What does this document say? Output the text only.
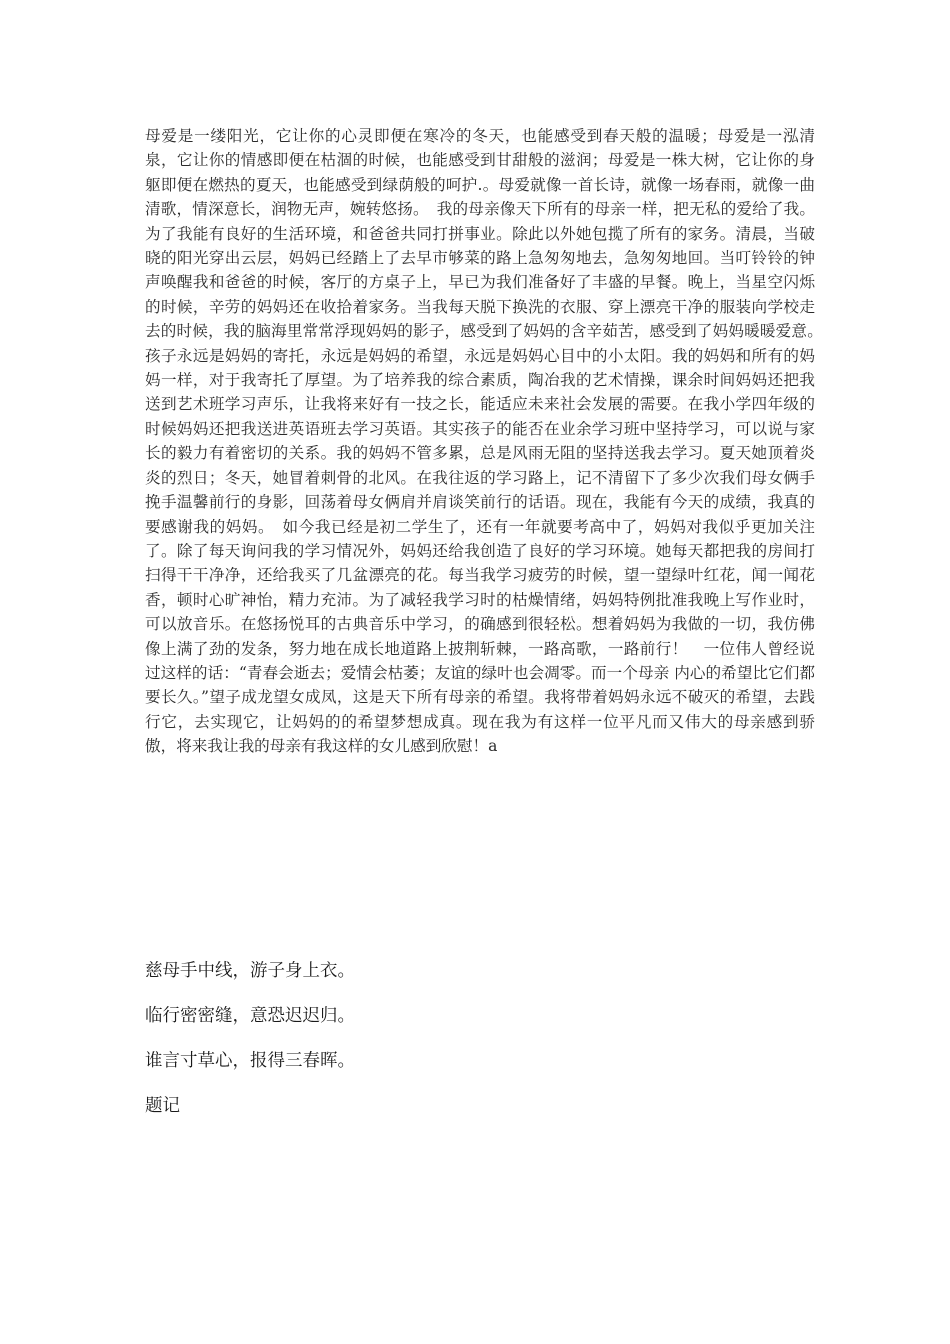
母爱是一缕阳光，它让你的心灵即便在寒冷的冬天，也能感受到春天般的温暖；母爱是一泓清泉，它让你的情感即便在枯涸的时候，也能感受到甘甜般的滋润；母爱是一株大树，它让你的身躯即便在燃热的夏天，也能感受到绿荫般的呵护.。母爱就像一首长诗，就像一场春雨，就像一曲清歌，情深意长，润物无声，婉转悠扬。　我的母亲像天下所有的母亲一样，把无私的爱给了我。为了我能有良好的生活环境，和爸爸共同打拼事业。除此以外她包揽了所有的家务。清晨，当破晓的阳光穿出云层，妈妈已经踏上了去早市够菜的路上急匆匆地去，急匆匆地回。当叮铃铃的钟声唤醒我和爸爸的时候，客厅的方桌子上，早已为我们准备好了丰盛的早餐。晚上，当星空闪烁的时候，辛劳的妈妈还在收拾着家务。当我每天脱下换洗的衣服、穿上漂亮干净的服装向学校走去的时候，我的脑海里常常浮现妈妈的影子，感受到了妈妈的含辛茹苦，感受到了妈妈暖暖爱意。　孩子永远是妈妈的寄托，永远是妈妈的希望，永远是妈妈心目中的小太阳。我的妈妈和所有的妈妈一样，对于我寄托了厚望。为了培养我的综合素质，陶冶我的艺术情操，课余时间妈妈还把我送到艺术班学习声乐，让我将来好有一技之长，能适应未来社会发展的需要。在我小学四年级的时候妈妈还把我送进英语班去学习英语。其实孩子的能否在业余学习班中坚持学习，可以说与家长的毅力有着密切的关系。我的妈妈不管多累，总是风雨无阻的坚持送我去学习。夏天她顶着炎炎的烈日；冬天，她冒着刺骨的北风。在我往返的学习路上，记不清留下了多少次我们母女俩手挽手温馨前行的身影，回荡着母女俩肩并肩谈笑前行的话语。现在，我能有今天的成绩，我真的要感谢我的妈妈。　如今我已经是初二学生了，还有一年就要考高中了，妈妈对我似乎更加关注了。除了每天询问我的学习情况外，妈妈还给我创造了良好的学习环境。她每天都把我的房间打扫得干干净净，还给我买了几盆漂亮的花。每当我学习疲劳的时候，望一望绿叶红花，闻一闻花香，顿时心旷神怡，精力充沛。为了减轻我学习时的枯燥情绪，妈妈特例批准我晚上写作业时，可以放音乐。在悠扬悦耳的古典音乐中学习，的确感到很轻松。想着妈妈为我做的一切，我仿佛像上满了劲的发条，努力地在成长地道路上披荆斩棘，一路高歌，一路前行！　一位伟人曾经说过这样的话：“青春会逝去；爱情会枯萎；友谊的绿叶也会凋零。而一个母亲 内心的希望比它们都要长久。”望子成龙望女成凤，这是天下所有母亲的希望。我将带着妈妈永远不破灭的希望，去践行它，去实现它，让妈妈的的希望梦想成真。现在我为有这样一位平凡而又伟大的母亲感到骄傲，将来我让我的母亲有我这样的女儿感到欣慰！a

慈母手中线，游子身上衣。

临行密密缝，意恐迟迟归。

谁言寸草心，报得三春晖。

题记
